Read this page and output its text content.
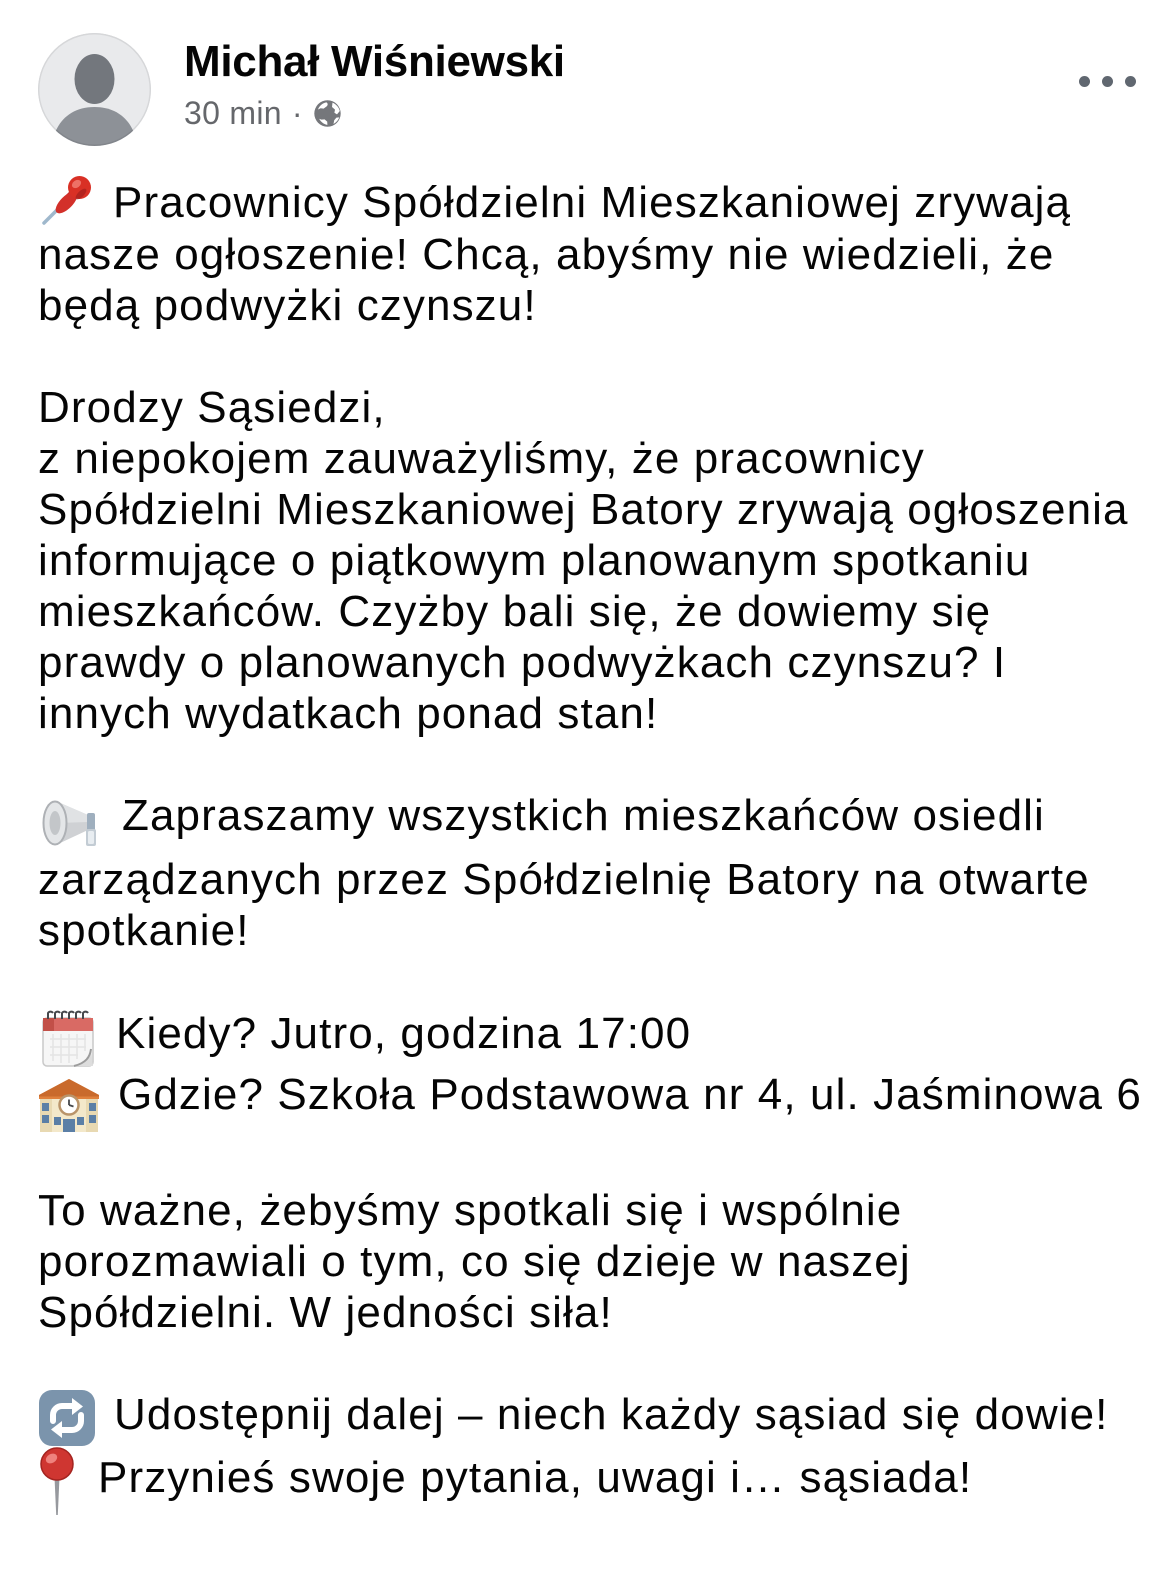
Michał Wiśniewski
30 min ·

Pracownicy Spółdzielni Mieszkaniowej zrywają nasze ogłoszenie! Chcą, abyśmy nie wiedzieli, że będą podwyżki czynszu!

Drodzy Sąsiedzi,
z niepokojem zauważyliśmy, że pracownicy Spółdzielni Mieszkaniowej Batory zrywają ogłoszenia informujące o piątkowym planowanym spotkaniu mieszkańców. Czyżby bali się, że dowiemy się prawdy o planowanych podwyżkach czynszu? I innych wydatkach ponad stan!

Zapraszamy wszystkich mieszkańców osiedli zarządzanych przez Spółdzielnię Batory na otwarte spotkanie!

Kiedy? Jutro, godzina 17:00

Gdzie? Szkoła Podstawowa nr 4, ul. Jaśminowa 6

To ważne, żebyśmy spotkali się i wspólnie porozmawiali o tym, co się dzieje w naszej Spółdzielni. W jedności siła!

Udostępnij dalej – niech każdy sąsiad się dowie!

Przynieś swoje pytania, uwagi i… sąsiada!
